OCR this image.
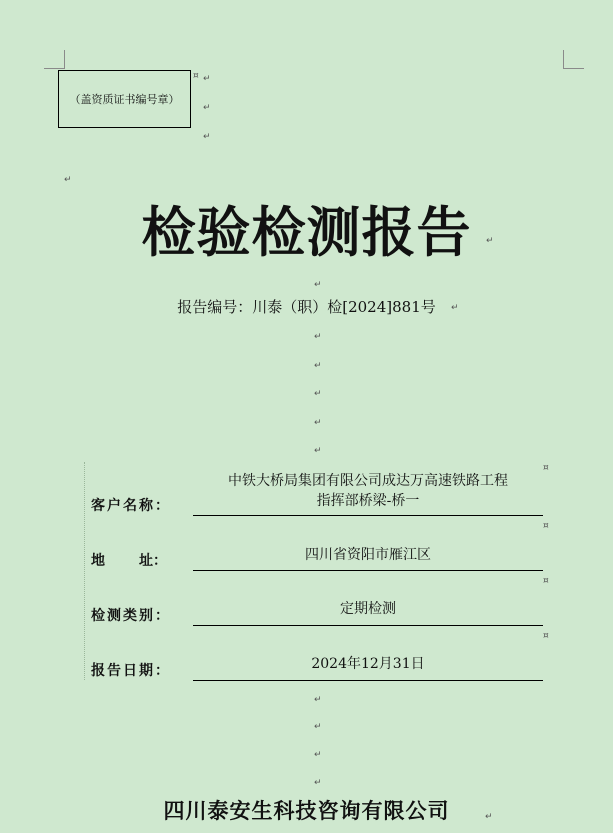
（盖资质证书编号章）
¤ ↵
↵
↵
↵
检验检测报告	↵
↵
报告编号：川泰（职）检[2024]881号	↵
↵
↵
↵
↵
↵
客户名称：
中铁大桥局集团有限公司成达万高速铁路工程
指挥部桥梁-桥一
¤
地 址：	四川省资阳市雁江区
¤
检测类别：	定期检测
¤
报告日期：	2024年12月31日
¤
↵
↵
↵
↵
四川泰安生科技咨询有限公司	↵
